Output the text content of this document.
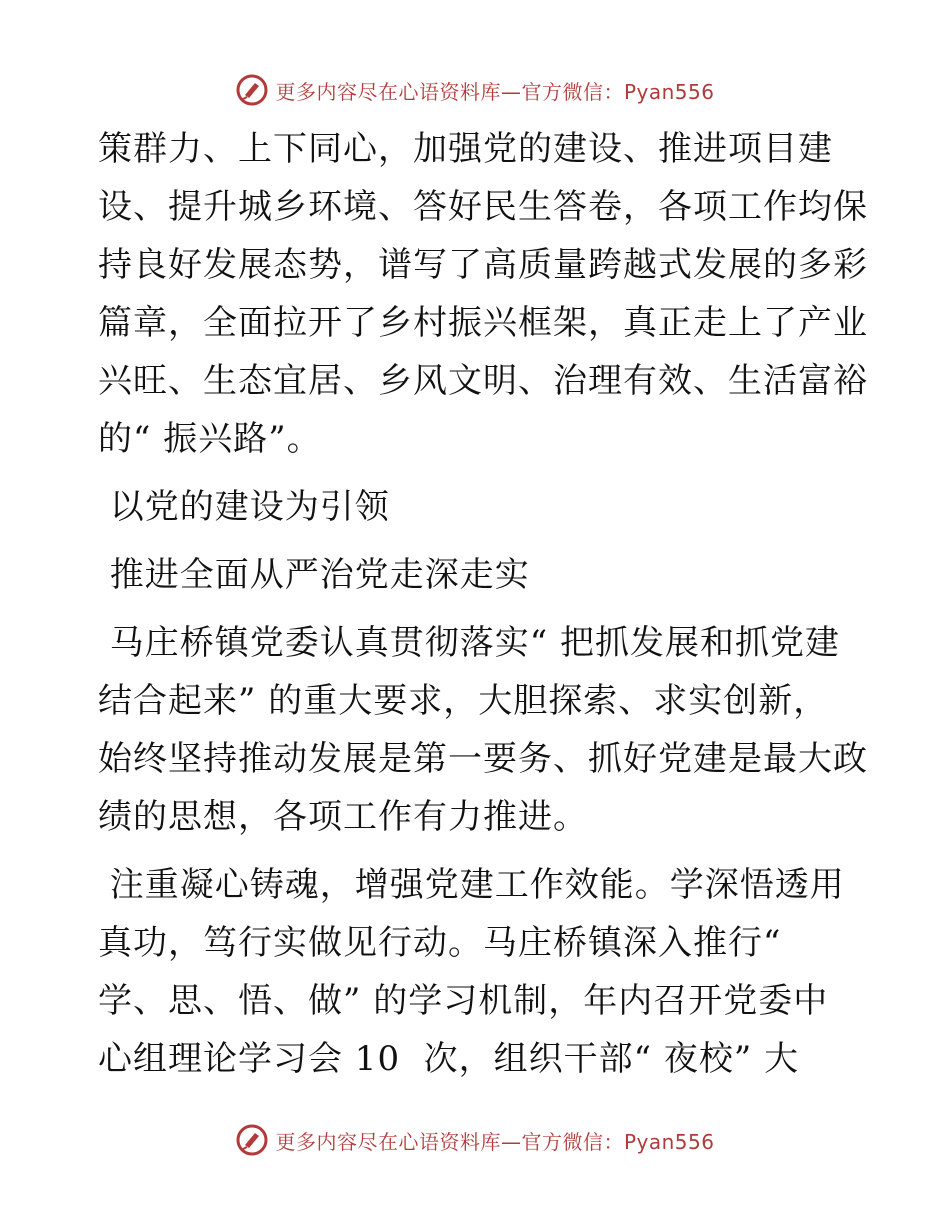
更多内容尽在心语资料库—官方微信：Pyan556
策群力、上下同心，加强党的建设、推进项目建
设、提升城乡环境、答好民生答卷，各项工作均保
持良好发展态势，谱写了高质量跨越式发展的多彩
篇章，全面拉开了乡村振兴框架，真正走上了产业
兴旺、生态宜居、乡风文明、治理有效、生活富裕
的“ 振兴路”。
以党的建设为引领
推进全面从严治党走深走实
马庄桥镇党委认真贯彻落实“ 把抓发展和抓党建
结合起来” 的重大要求，大胆探索、求实创新，
始终坚持推动发展是第一要务、抓好党建是最大政
绩的思想，各项工作有力推进。
注重凝心铸魂，增强党建工作效能。学深悟透用
真功，笃行实做见行动。马庄桥镇深入推行“
学、思、悟、做” 的学习机制，年内召开党委中
心组理论学习会 10  次，组织干部“ 夜校” 大
更多内容尽在心语资料库—官方微信：Pyan556
